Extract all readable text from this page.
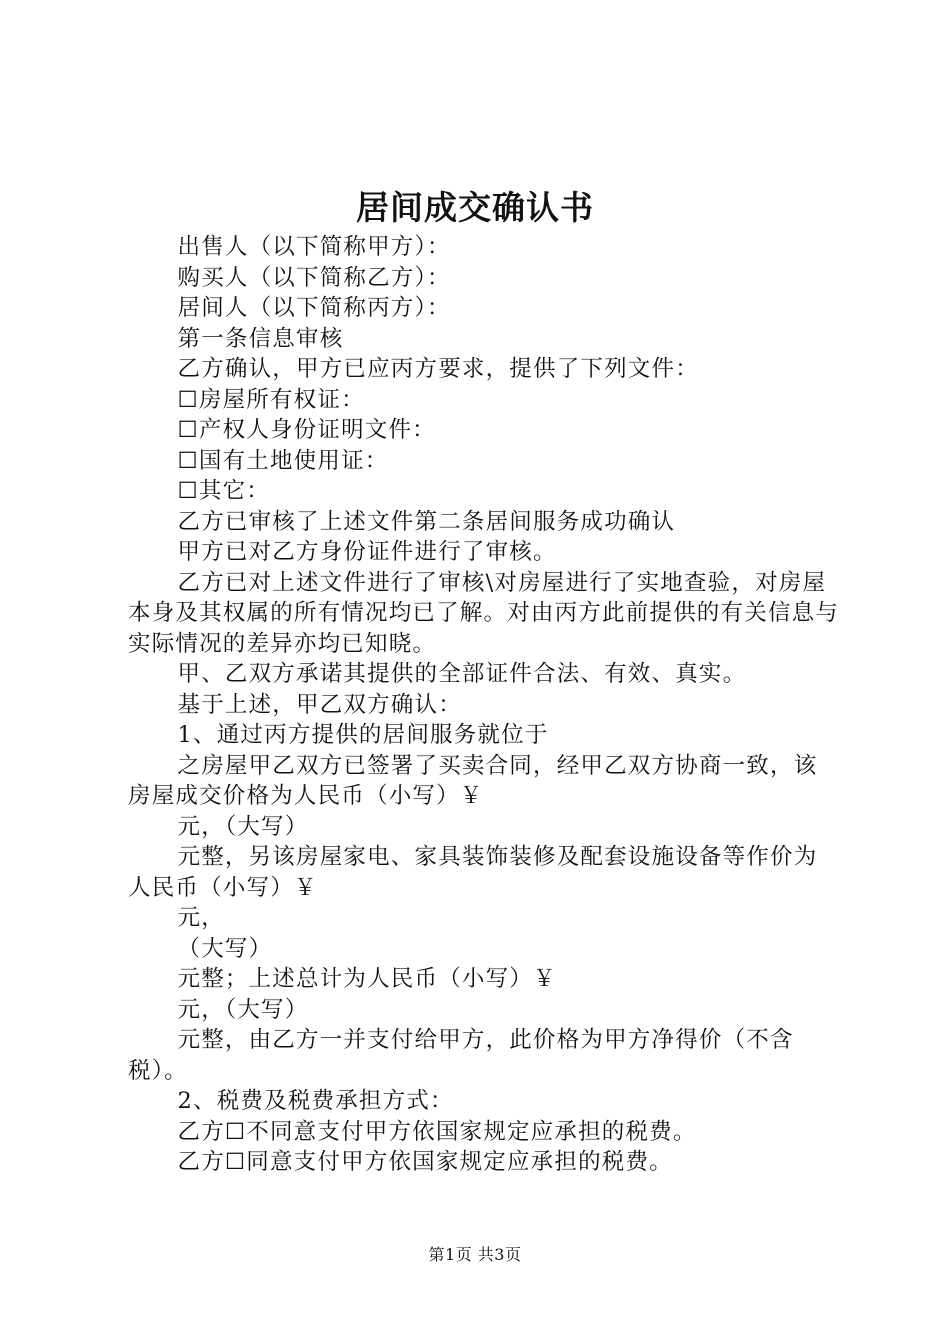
居间成交确认书

出售人（以下简称甲方）：

购买人（以下简称乙方）：

居间人（以下简称丙方）：

第一条信息审核

乙方确认，甲方已应丙方要求，提供了下列文件：

☐房屋所有权证：

☐产权人身份证明文件：

☐国有土地使用证：

☐其它：

乙方已审核了上述文件第二条居间服务成功确认

甲方已对乙方身份证件进行了审核。

乙方已对上述文件进行了审核\对房屋进行了实地查验，对房屋本身及其权属的所有情况均已了解。对由丙方此前提供的有关信息与实际情况的差异亦均已知晓。

甲、乙双方承诺其提供的全部证件合法、有效、真实。

基于上述，甲乙双方确认：

1、通过丙方提供的居间服务就位于

之房屋甲乙双方已签署了买卖合同，经甲乙双方协商一致，该房屋成交价格为人民币（小写）￥

元，（大写）

元整，另该房屋家电、家具装饰装修及配套设施设备等作价为人民币（小写）￥

元，

（大写）

元整；上述总计为人民币（小写）￥

元，（大写）

元整，由乙方一并支付给甲方，此价格为甲方净得价（不含税）。

2、税费及税费承担方式：

乙方☐不同意支付甲方依国家规定应承担的税费。

乙方☐同意支付甲方依国家规定应承担的税费。

第1页 共3页
